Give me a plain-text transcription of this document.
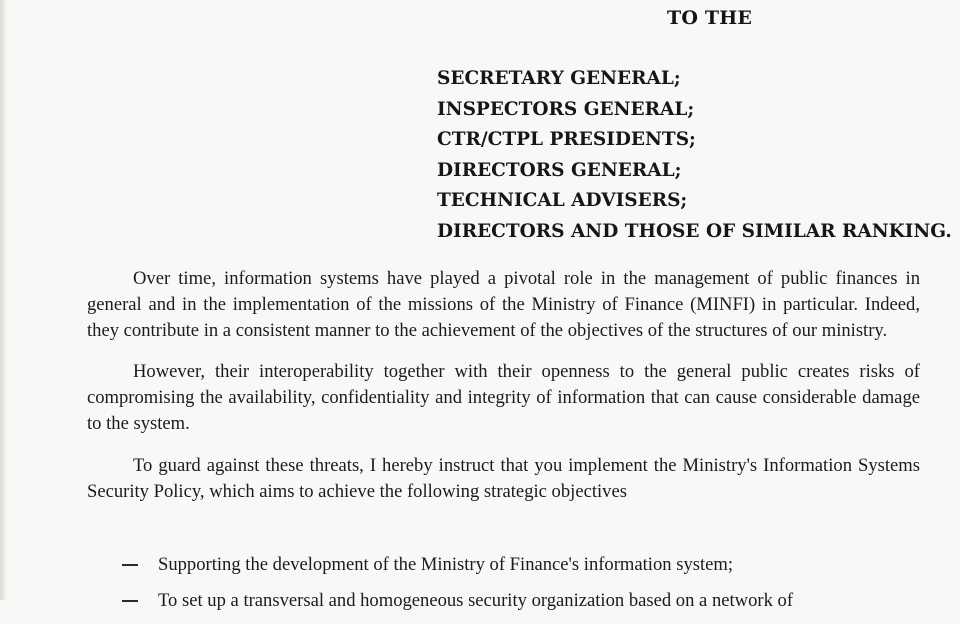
TO THE
SECRETARY GENERAL;
INSPECTORS GENERAL;
CTR/CTPL PRESIDENTS;
DIRECTORS GENERAL;
TECHNICAL ADVISERS;
DIRECTORS AND THOSE OF SIMILAR RANKING.

Over time, information systems have played a pivotal role in the management of public finances in general and in the implementation of the missions of the Ministry of Finance (MINFI) in particular. Indeed, they contribute in a consistent manner to the achievement of the objectives of the structures of our ministry.

However, their interoperability together with their openness to the general public creates risks of compromising the availability, confidentiality and integrity of information that can cause considerable damage to the system.

To guard against these threats, I hereby instruct that you implement the Ministry's Information Systems Security Policy, which aims to achieve the following strategic objectives

Supporting the development of the Ministry of Finance's information system;
To set up a transversal and homogeneous security organization based on a network of
